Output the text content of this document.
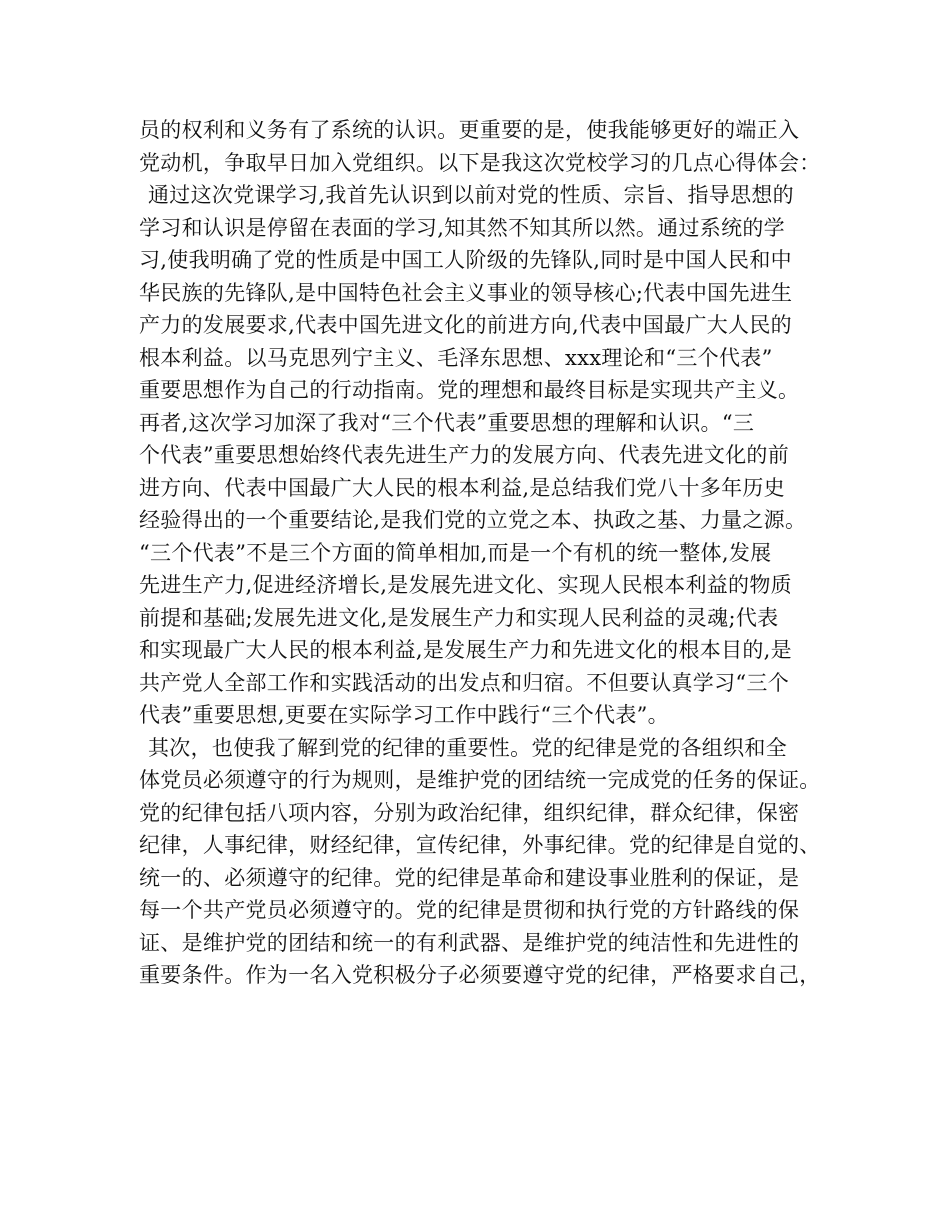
员的权利和义务有了系统的认识。更重要的是，使我能够更好的端正入
党动机，争取早日加入党组织。以下是我这次党校学习的几点心得体会：
通过这次党课学习,我首先认识到以前对党的性质、宗旨、指导思想的
学习和认识是停留在表面的学习,知其然不知其所以然。通过系统的学
习,使我明确了党的性质是中国工人阶级的先锋队,同时是中国人民和中
华民族的先锋队,是中国特色社会主义事业的领导核心;代表中国先进生
产力的发展要求,代表中国先进文化的前进方向,代表中国最广大人民的
根本利益。以马克思列宁主义、毛泽东思想、xxx理论和“三个代表”
重要思想作为自己的行动指南。党的理想和最终目标是实现共产主义。
再者,这次学习加深了我对“三个代表”重要思想的理解和认识。“三
个代表”重要思想始终代表先进生产力的发展方向、代表先进文化的前
进方向、代表中国最广大人民的根本利益,是总结我们党八十多年历史
经验得出的一个重要结论,是我们党的立党之本、执政之基、力量之源。
“三个代表”不是三个方面的简单相加,而是一个有机的统一整体,发展
先进生产力,促进经济增长,是发展先进文化、实现人民根本利益的物质
前提和基础;发展先进文化,是发展生产力和实现人民利益的灵魂;代表
和实现最广大人民的根本利益,是发展生产力和先进文化的根本目的,是
共产党人全部工作和实践活动的出发点和归宿。不但要认真学习“三个
代表”重要思想,更要在实际学习工作中践行“三个代表”。
其次，也使我了解到党的纪律的重要性。党的纪律是党的各组织和全
体党员必须遵守的行为规则，是维护党的团结统一完成党的任务的保证。
党的纪律包括八项内容，分别为政治纪律，组织纪律，群众纪律，保密
纪律，人事纪律，财经纪律，宣传纪律，外事纪律。党的纪律是自觉的、
统一的、必须遵守的纪律。党的纪律是革命和建设事业胜利的保证，是
每一个共产党员必须遵守的。党的纪律是贯彻和执行党的方针路线的保
证、是维护党的团结和统一的有利武器、是维护党的纯洁性和先进性的
重要条件。作为一名入党积极分子必须要遵守党的纪律，严格要求自己，
